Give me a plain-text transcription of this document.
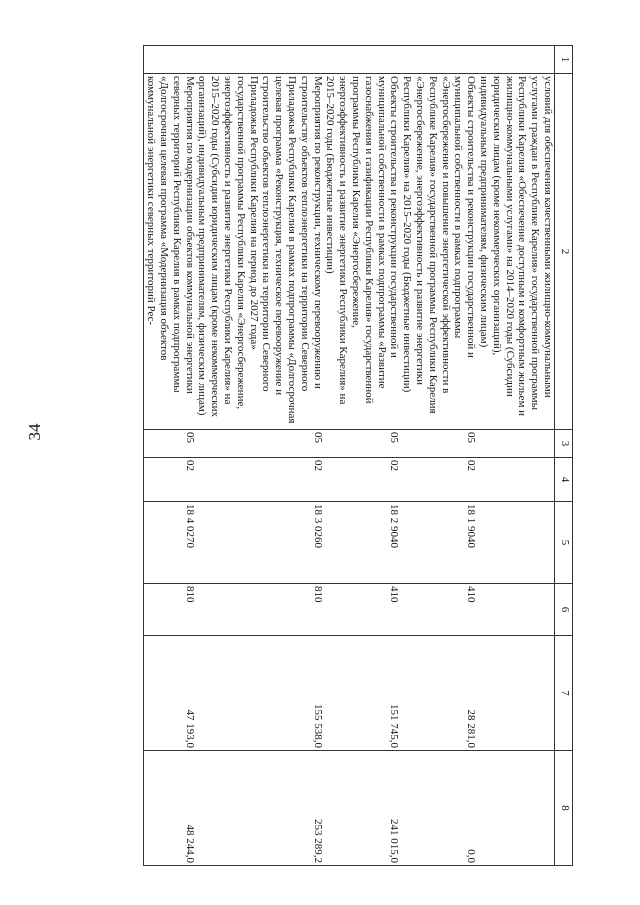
34
1	2	3	4	5	6	7	8
	условий для обеспечения качественными жилищно-коммунальными услугами граждан в Республике Карелия» государственной программы Республики Карелия «Обеспечение доступным и комфортным жильем и жилищно-коммунальными услугами» на 2014–2020 годы (Субсидии юридическим лицам (кроме некоммерческих организаций), индивидуальным предпринимателям, физическим лицам)						
	Объекты строительства и реконструкции государственной и муниципальной собственности в рамках подпрограммы «Энергосбережение и повышение энергетической эффективности в Республике Карелия» государственной программы Республики Карелия «Энергосбережение, энергоэффективность и развитие энергетики Республики Карелия» на 2015–2020 годы (Бюджетные инвестиции)	05	02	18 1 9040	410	28 281,0	0,0
	Объекты строительства и реконструкции государственной и муниципальной собственности в рамках подпрограммы «Развитие газоснабжения и газификации Республики Карелия» государственной программы Республики Карелия «Энергосбережение, энергоэффективность и развитие энергетики Республики Карелия» на 2015–2020 годы (Бюджетные инвестиции)	05	02	18 2 9040	410	151 745,0	241 015,0
	Мероприятия по реконструкции, техническому перевооружению и строительству объектов теплоэнергетики на территории Северного Приладожья Республики Карелия в рамках подпрограммы «Долгосрочная целевая программа «Реконструкция, техническое перевооружение и строительство объектов теплоэнергетики на территории Северного Приладожья Республики Карелия на период до 2027 года» государственной программы Республики Карелия «Энергосбережение, энергоэффективность и развитие энергетики Республики Карелия» на 2015–2020 годы (Субсидии юридическим лицам (кроме некоммерческих организаций), индивидуальным предпринимателям, физическим лицам)	05	02	18 3 0260	810	155 538,0	253 289,2
	Мероприятия по модернизации объектов коммунальной энергетики северных территорий Республики Карелия в рамках подпрограммы «Долгосрочная целевая программа «Модернизация объектов коммунальной энергетики северных территорий Рес-	05	02	18 4 0270	810	47 193,0	48 244,0
